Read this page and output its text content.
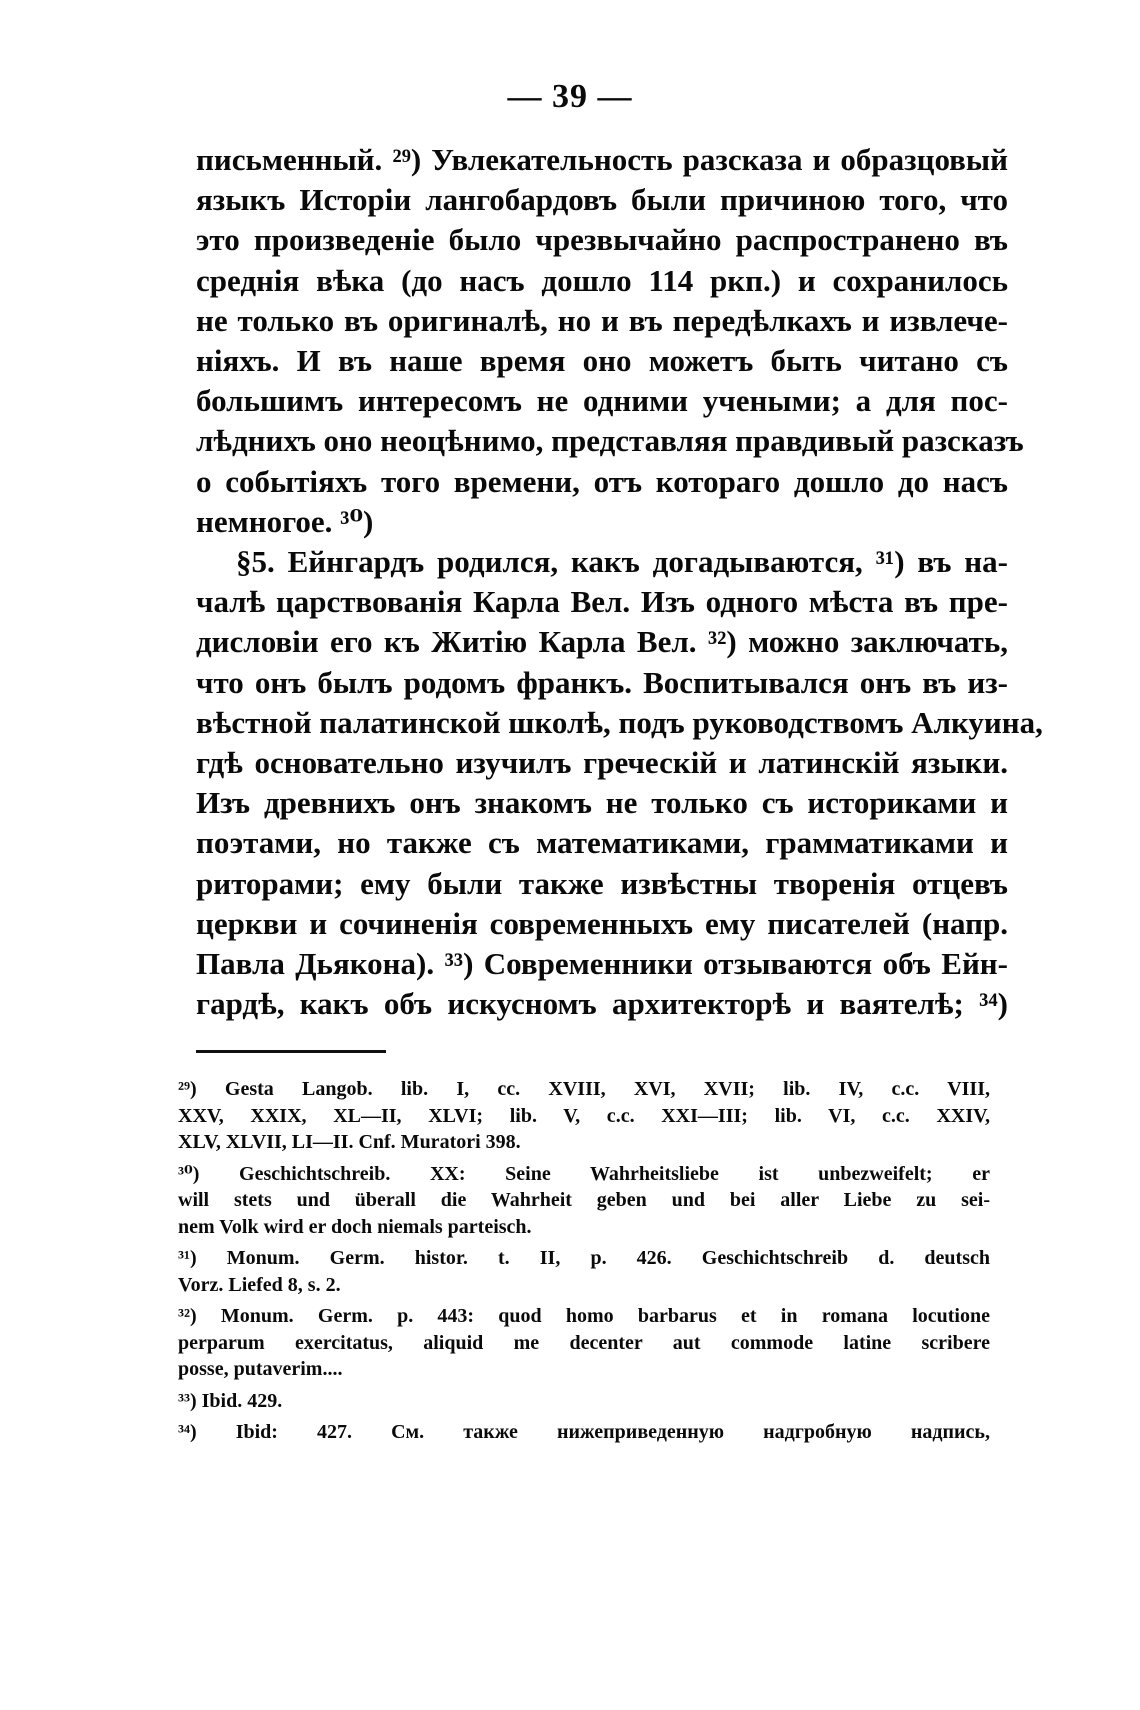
— 39 —
письменный. ²⁹) Увлекательность разсказа и образцовый
языкъ Исторіи лангобардовъ были причиною того, что
это произведеніе было чрезвычайно распространено въ
среднія вѣка (до насъ дошло 114 ркп.) и сохранилось
не только въ оригиналѣ, но и въ передѣлкахъ и извлече-
ніяхъ. И въ наше время оно можетъ быть читано съ
большимъ интересомъ не одними учеными; а для пос-
лѣднихъ оно неоцѣнимо, представляя правдивый разсказъ
о событіяхъ того времени, отъ котораго дошло до насъ
немногое. ³⁰)
§5. Ейнгардъ родился, какъ догадываются, ³¹) въ на-
чалѣ царствованія Карла Вел. Изъ одного мѣста въ пре-
дисловіи его къ Житію Карла Вел. ³²) можно заключать,
что онъ былъ родомъ франкъ. Воспитывался онъ въ из-
вѣстной палатинской школѣ, подъ руководствомъ Алкуина,
гдѣ основательно изучилъ греческій и латинскій языки.
Изъ древнихъ онъ знакомъ не только съ историками и
поэтами, но также съ математиками, грамматиками и
риторами; ему были также извѣстны творенія отцевъ
церкви и сочиненія современныхъ ему писателей (напр.
Павла Дьякона). ³³) Современники отзываются объ Ейн-
гардѣ, какъ объ искусномъ архитекторѣ и ваятелѣ; ³⁴)
²⁹) Gesta Langob. lib. I, cc. XVIII, XVI, XVII; lib. IV, c.c. VIII,
XXV, XXIX, XL—II, XLVI; lib. V, c.c. XXI—III; lib. VI, c.c. XXIV,
XLV, XLVII, LI—II. Cnf. Muratori 398.
³⁰) Geschichtschreib. XX: Seine Wahrheitsliebe ist unbezweifelt; er
will stets und überall die Wahrheit geben und bei aller Liebe zu sei-
nem Volk wird er doch niemals parteisch.
³¹) Monum. Germ. histor. t. II, p. 426. Geschichtschreib d. deutsch
Vorz. Liefed 8, s. 2.
³²) Monum. Germ. p. 443: quod homo barbarus et in romana locutione
perparum exercitatus, aliquid me decenter aut commode latine scribere
posse, putaverim....
³³) Ibid. 429.
³⁴) Ibid: 427. См. также нижеприведенную надгробную надпись,
